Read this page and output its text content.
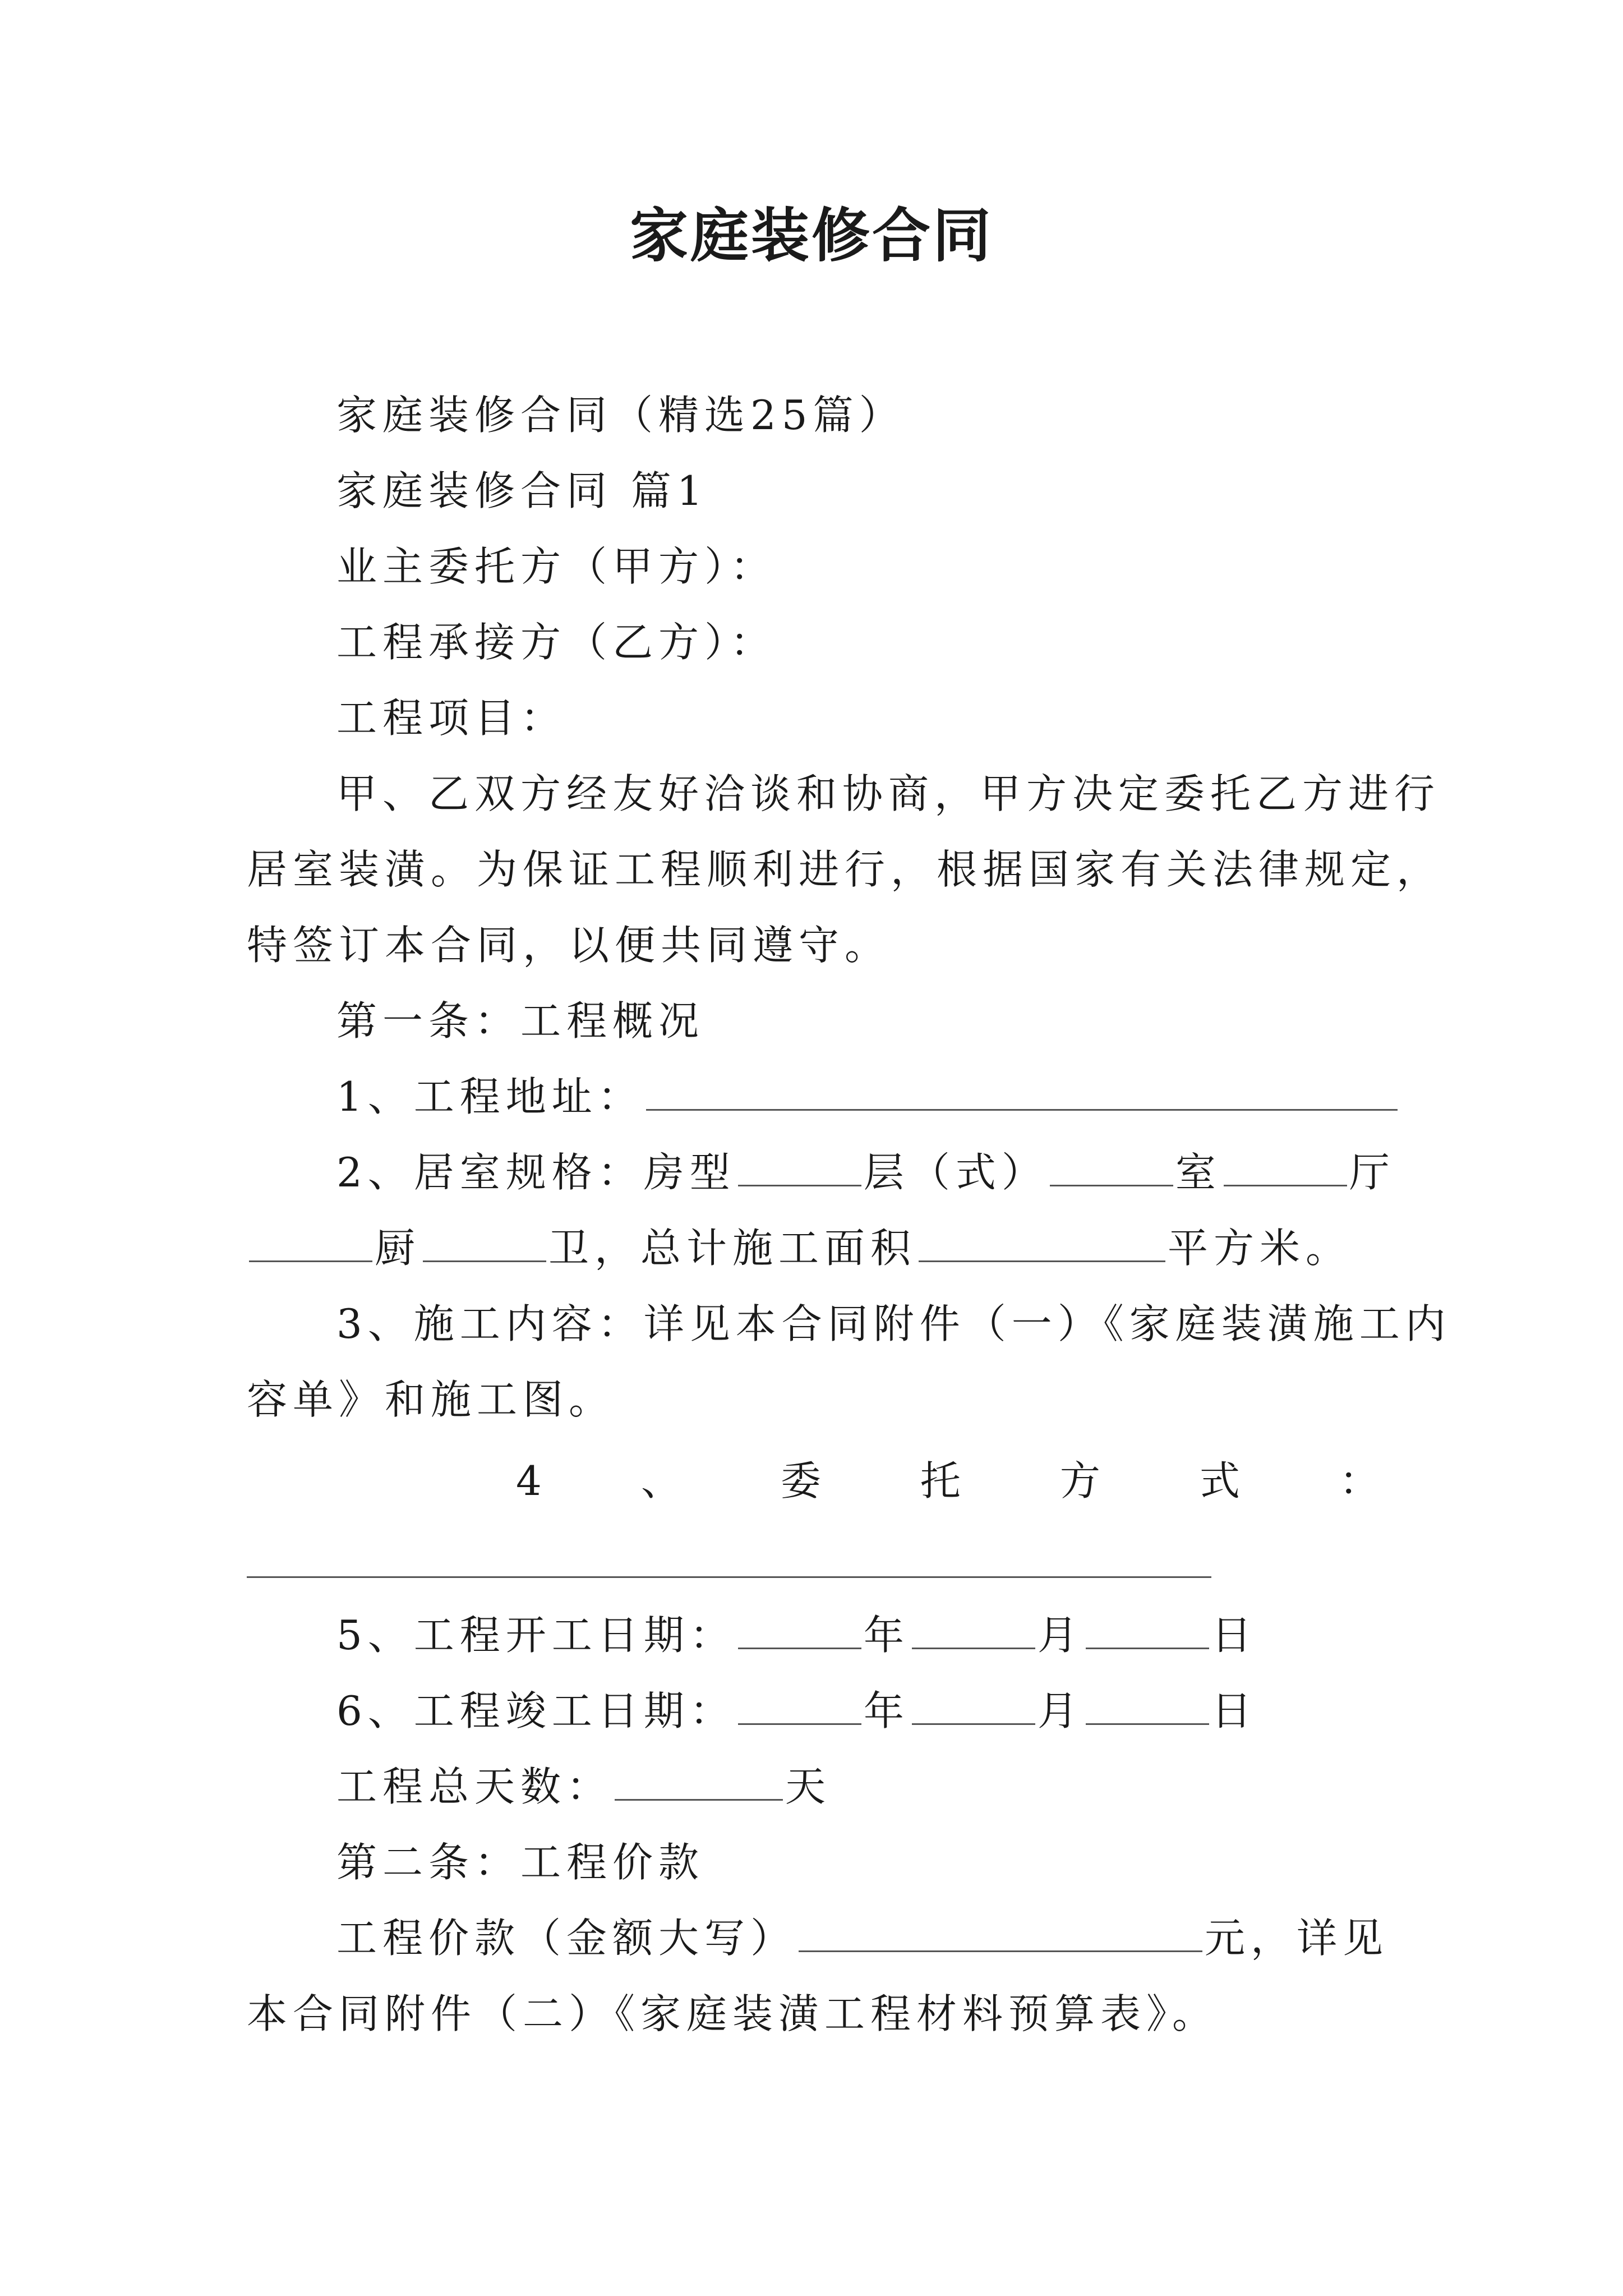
家庭装修合同
家庭装修合同（精选25篇）
家庭装修合同 篇1
业主委托方（甲方）：
工程承接方（乙方）：
工程项目：
甲、乙双方经友好洽谈和协商，甲方决定委托乙方进行
居室装潢。为保证工程顺利进行，根据国家有关法律规定，
特签订本合同，以便共同遵守。
第一条：工程概况
1、工程地址：
2、居室规格：房型	层（式）	室	厅
厨	卫，总计施工面积	平方米。
3、施工内容：详见本合同附件（一）《家庭装潢施工内
容单》和施工图。
4 、 委 托 方 式 ：
5、工程开工日期：	年	月	日
6、工程竣工日期：	年	月	日
工程总天数：	天
第二条：工程价款
工程价款（金额大写）	元，详见
本合同附件（二）《家庭装潢工程材料预算表》。
